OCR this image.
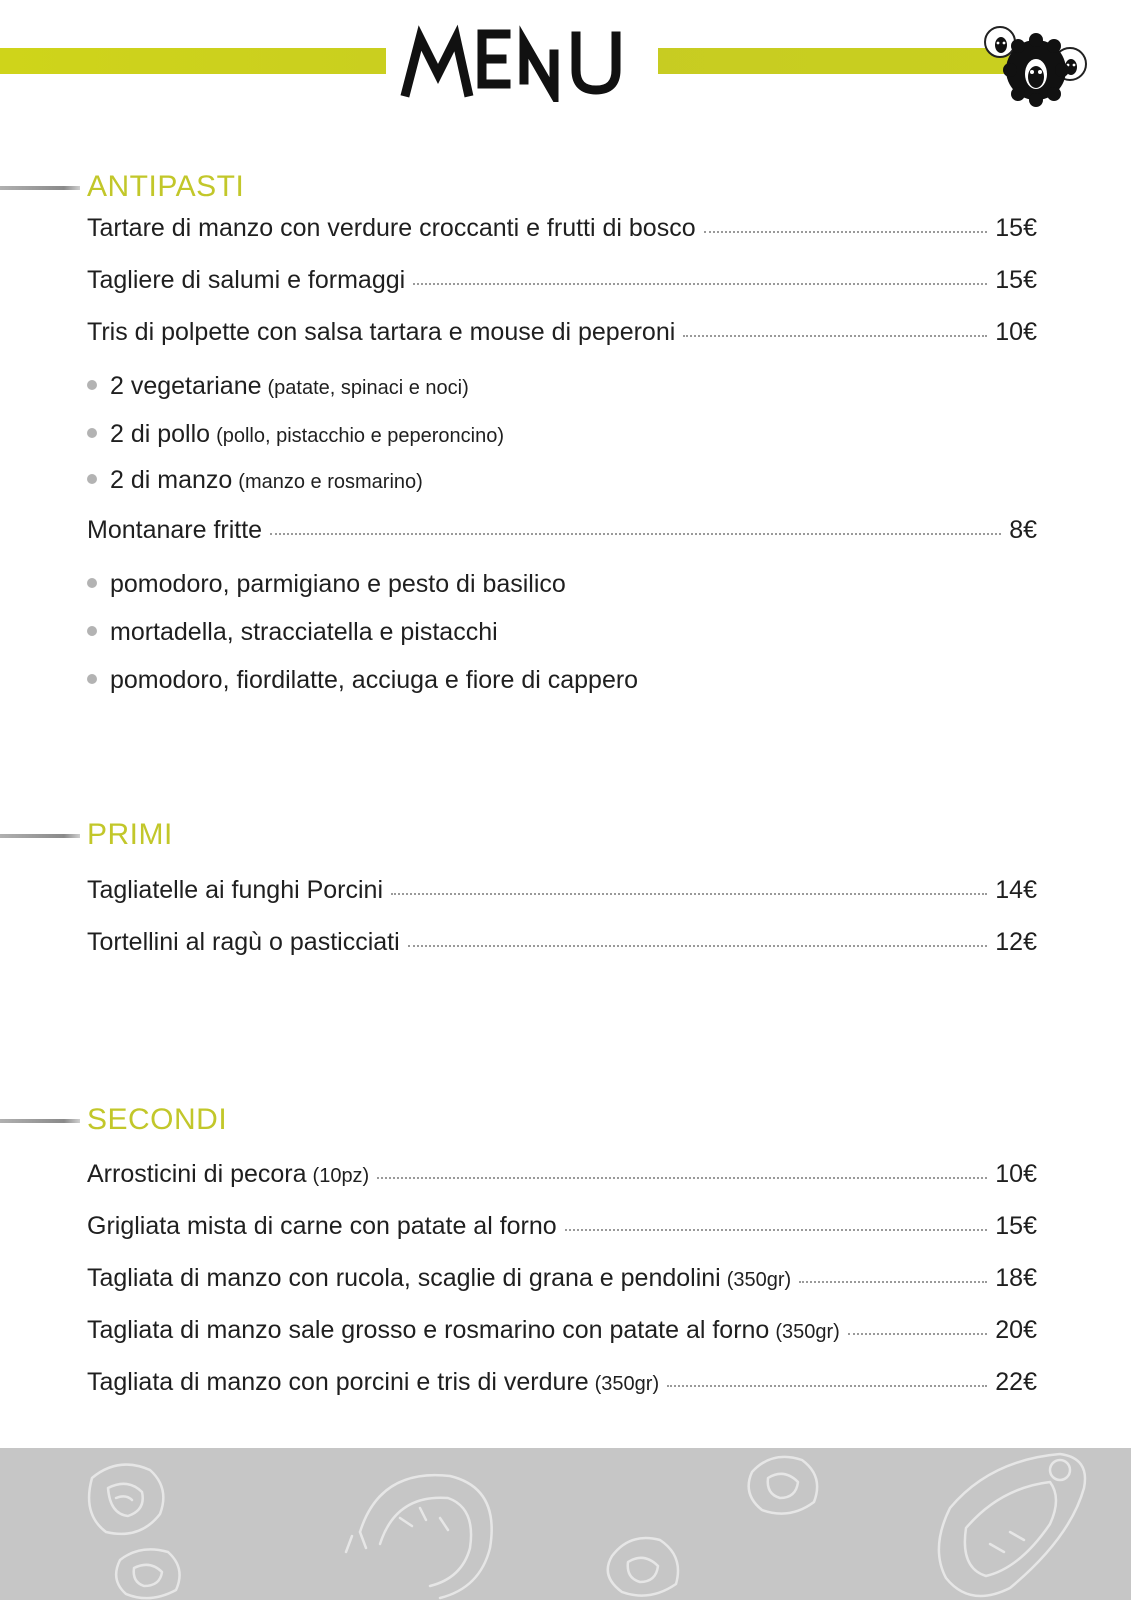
ANTIPASTI
Tartare di manzo con verdure croccanti e frutti di bosco	15€
Tagliere di salumi e formaggi	15€
Tris di polpette con salsa tartara e mouse di peperoni	10€
2 vegetariane (patate, spinaci e noci)
2 di pollo (pollo, pistacchio e peperoncino)
2 di manzo (manzo e rosmarino)
Montanare fritte	8€
pomodoro, parmigiano e pesto di basilico
mortadella, stracciatella e pistacchi
pomodoro, fiordilatte, acciuga e fiore di cappero
PRIMI
Tagliatelle ai funghi Porcini	14€
Tortellini al ragù o pasticciati	12€
SECONDI
Arrosticini di pecora (10pz)	10€
Grigliata mista di carne con patate al forno	15€
Tagliata di manzo con rucola, scaglie di grana e pendolini (350gr)	18€
Tagliata di manzo sale grosso e rosmarino con patate al forno (350gr)	20€
Tagliata di manzo con porcini e tris di verdure (350gr)	22€
